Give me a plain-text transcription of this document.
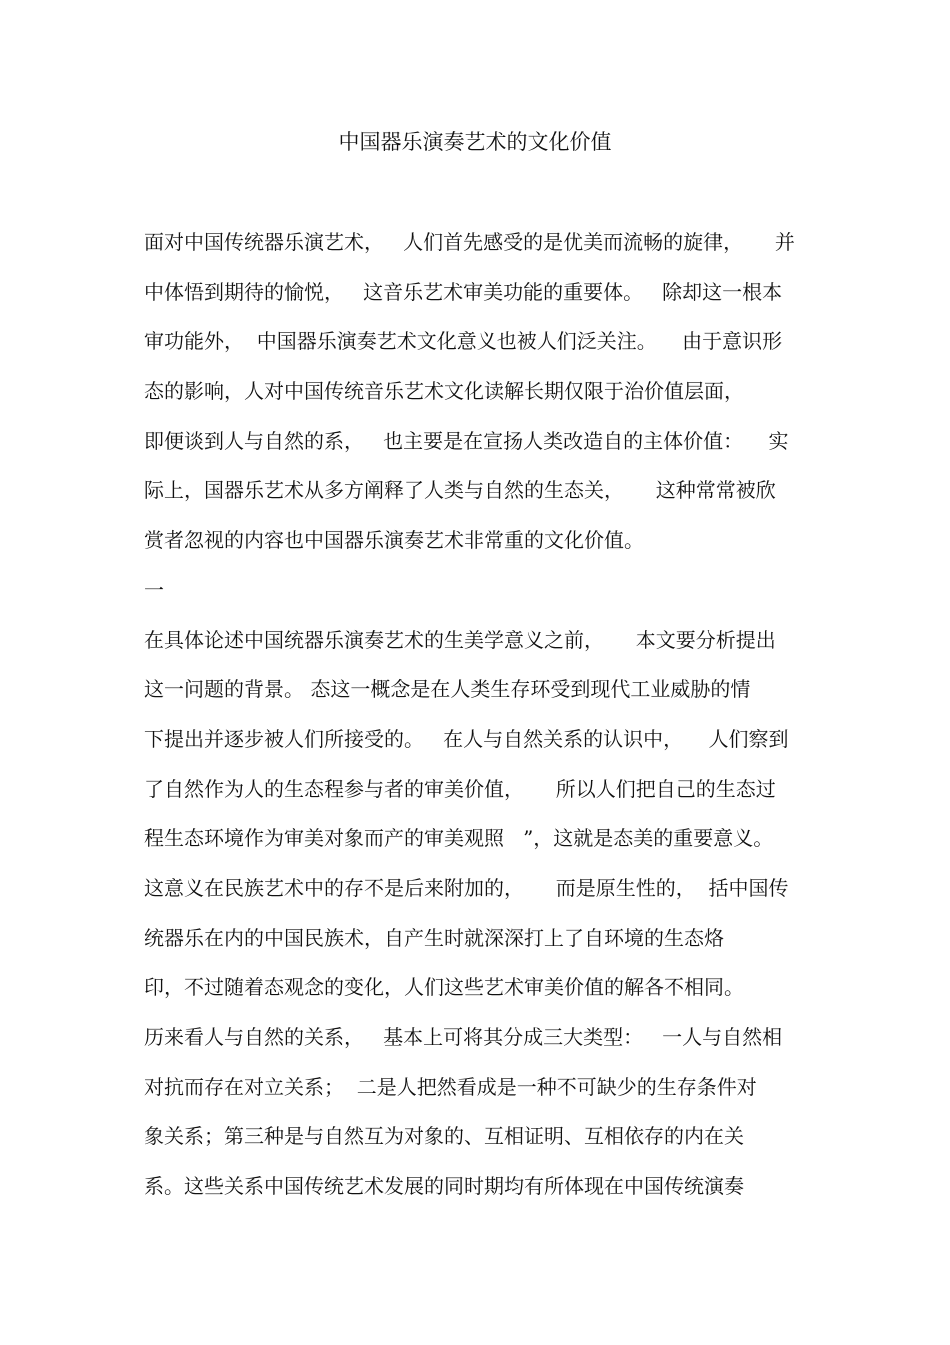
中国器乐演奏艺术的文化价值
面对中国传统器乐演艺术，   人们首先感受的是优美而流畅的旋律，     并
中体悟到期待的愉悦，   这音乐艺术审美功能的重要体。   除却这一根本
审功能外，  中国器乐演奏艺术文化意义也被人们泛关注。    由于意识形
态的影响，人对中国传统音乐艺术文化读解长期仅限于治价值层面，
即便谈到人与自然的系，   也主要是在宣扬人类改造自的主体价值：    实
际上，国器乐艺术从多方阐释了人类与自然的生态关，     这种常常被欣
赏者忽视的内容也中国器乐演奏艺术非常重的文化价值。
一
在具体论述中国统器乐演奏艺术的生美学意义之前，     本文要分析提出
这一问题的背景。 态这一概念是在人类生存环受到现代工业威胁的情
下提出并逐步被人们所接受的。   在人与自然关系的认识中，    人们察到
了自然作为人的生态程参与者的审美价值，     所以人们把自己的生态过
程生态环境作为审美对象而产的审美观照   ”，这就是态美的重要意义。
这意义在民族艺术中的存不是后来附加的，     而是原生性的，  括中国传
统器乐在内的中国民族术，自产生时就深深打上了自环境的生态烙
印，不过随着态观念的变化，人们这些艺术审美价值的解各不相同。
历来看人与自然的关系，   基本上可将其分成三大类型：   一人与自然相
对抗而存在对立关系；  二是人把然看成是一种不可缺少的生存条件对
象关系；第三种是与自然互为对象的、互相证明、互相依存的内在关
系。这些关系中国传统艺术发展的同时期均有所体现在中国传统演奏
